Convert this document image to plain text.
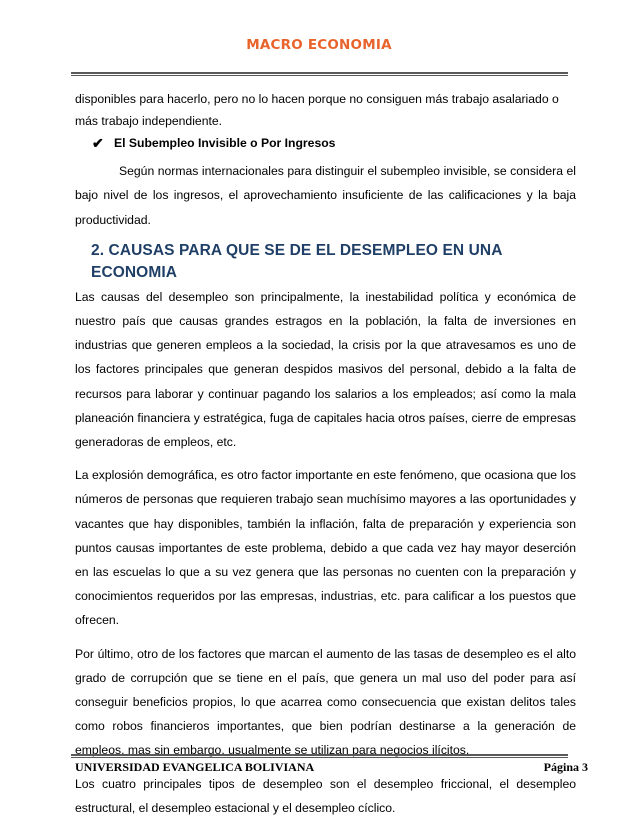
MACRO ECONOMIA

disponibles para hacerlo, pero no lo hacen porque no consiguen más trabajo asalariado o

más trabajo independiente.

✔ El Subempleo Invisible o Por Ingresos

Según normas internacionales para distinguir el subempleo invisible, se considera el bajo nivel de los ingresos, el aprovechamiento insuficiente de las calificaciones y la baja productividad.

2. CAUSAS PARA QUE SE DE EL DESEMPLEO EN UNA ECONOMIA

Las causas del desempleo son principalmente, la inestabilidad política y económica de nuestro país que causas grandes estragos en la población, la falta de inversiones en industrias que generen empleos a la sociedad, la crisis por la que atravesamos es uno de los factores principales que generan despidos masivos del personal, debido a la falta de recursos para laborar y continuar pagando los salarios a los empleados; así como la mala planeación financiera y estratégica, fuga de capitales hacia otros países, cierre de empresas generadoras de empleos, etc.

La explosión demográfica, es otro factor importante en este fenómeno, que ocasiona que los números de personas que requieren trabajo sean muchísimo mayores a las oportunidades y vacantes que hay disponibles, también la inflación, falta de preparación y experiencia son puntos causas importantes de este problema, debido a que cada vez hay mayor deserción en las escuelas lo que a su vez genera que las personas no cuenten con la preparación y conocimientos requeridos por las empresas, industrias, etc. para calificar a los puestos que ofrecen.

Por último, otro de los factores que marcan el aumento de las tasas de desempleo es el alto grado de corrupción que se tiene en el país, que genera un mal uso del poder para así conseguir beneficios propios, lo que acarrea como consecuencia que existan delitos tales como robos financieros importantes, que bien podrían destinarse a la generación de empleos, mas sin embargo, usualmente se utilizan para negocios ilícitos.

Los cuatro principales tipos de desempleo son el desempleo friccional, el desempleo estructural, el desempleo estacional y el desempleo cíclico.

UNIVERSIDAD EVANGELICA BOLIVIANA	Página 3
